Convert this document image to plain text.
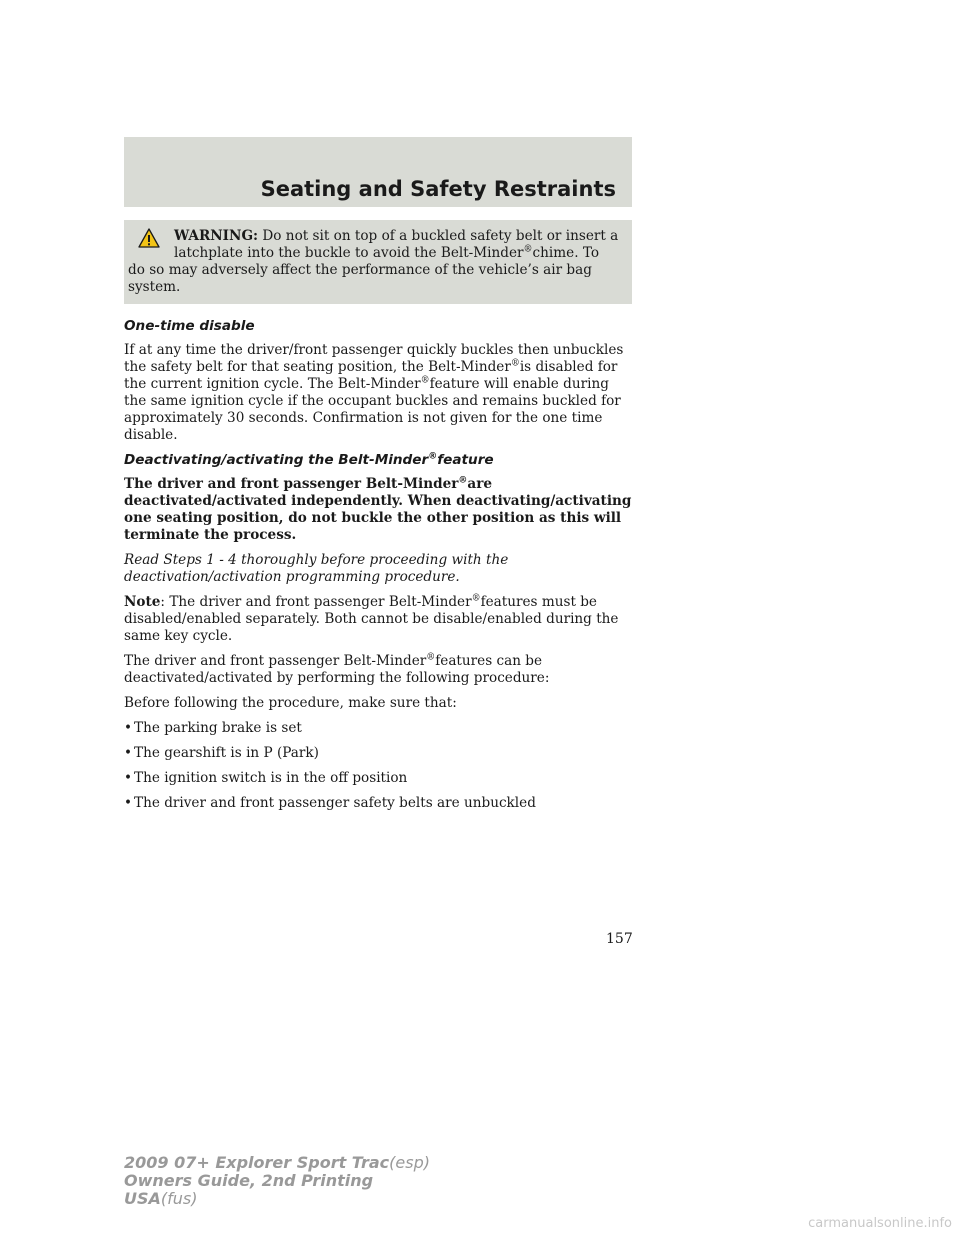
Seating and Safety Restraints
WARNING: Do not sit on top of a buckled safety belt or insert a
latchplate into the buckle to avoid the Belt-Minder®chime. To
do so may adversely affect the performance of the vehicle’s air bag
system.
One-time disable
If at any time the driver/front passenger quickly buckles then unbuckles the safety belt for that seating position, the Belt-Minder®is disabled for the current ignition cycle. The Belt-Minder®feature will enable during the same ignition cycle if the occupant buckles and remains buckled for approximately 30 seconds. Confirmation is not given for the one time disable.
Deactivating/activating the Belt-Minder®feature
The driver and front passenger Belt-Minder®are deactivated/activated independently. When deactivating/activating one seating position, do not buckle the other position as this will terminate the process.
Read Steps 1 - 4 thoroughly before proceeding with the deactivation/activation programming procedure.
Note: The driver and front passenger Belt-Minder®features must be disabled/enabled separately. Both cannot be disable/enabled during the same key cycle.
The driver and front passenger Belt-Minder®features can be deactivated/activated by performing the following procedure:
Before following the procedure, make sure that:
• The parking brake is set
• The gearshift is in P (Park)
• The ignition switch is in the off position
• The driver and front passenger safety belts are unbuckled
157
2009 07+ Explorer Sport Trac(esp)
Owners Guide, 2nd Printing
USA(fus)
carmanualsonline.info
